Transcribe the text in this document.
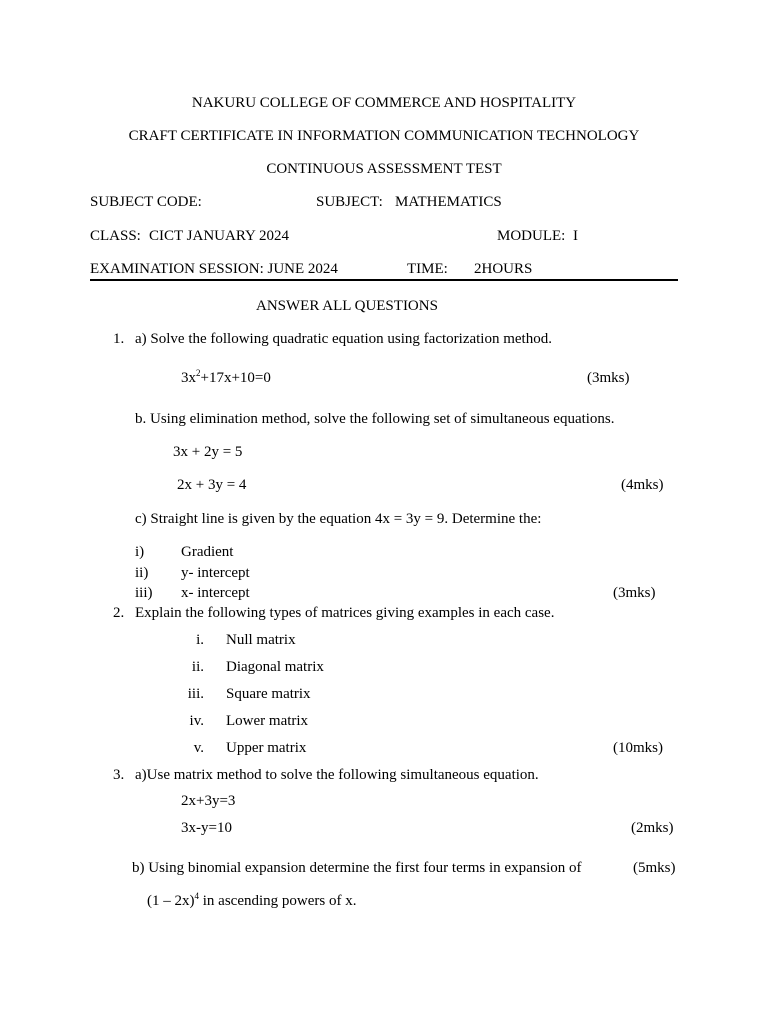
NAKURU COLLEGE OF COMMERCE AND HOSPITALITY
CRAFT CERTIFICATE IN INFORMATION COMMUNICATION TECHNOLOGY
CONTINUOUS ASSESSMENT TEST
SUBJECT CODE:	SUBJECT: MATHEMATICS
CLASS: CICT JANUARY 2024	MODULE: I
EXAMINATION SESSION: JUNE 2024	TIME: 2HOURS
ANSWER ALL QUESTIONS
1. a) Solve the following quadratic equation using factorization method.
$3x^2+17x+10=0$	(3mks)
b. Using elimination method, solve the following set of simultaneous equations.
3x + 2y = 5
2x + 3y = 4	(4mks)
c) Straight line is given by the equation 4x = 3y = 9. Determine the:
i) Gradient
ii) y- intercept
iii) x- intercept	(3mks)
2. Explain the following types of matrices giving examples in each case.
i. Null matrix
ii. Diagonal matrix
iii. Square matrix
iv. Lower matrix
v. Upper matrix	(10mks)
3. a)Use matrix method to solve the following simultaneous equation.
2x+3y=3
3x-y=10	(2mks)
b) Using binomial expansion determine the first four terms in expansion of	(5mks)
(1 – 2x)$^4$ in ascending powers of x.
